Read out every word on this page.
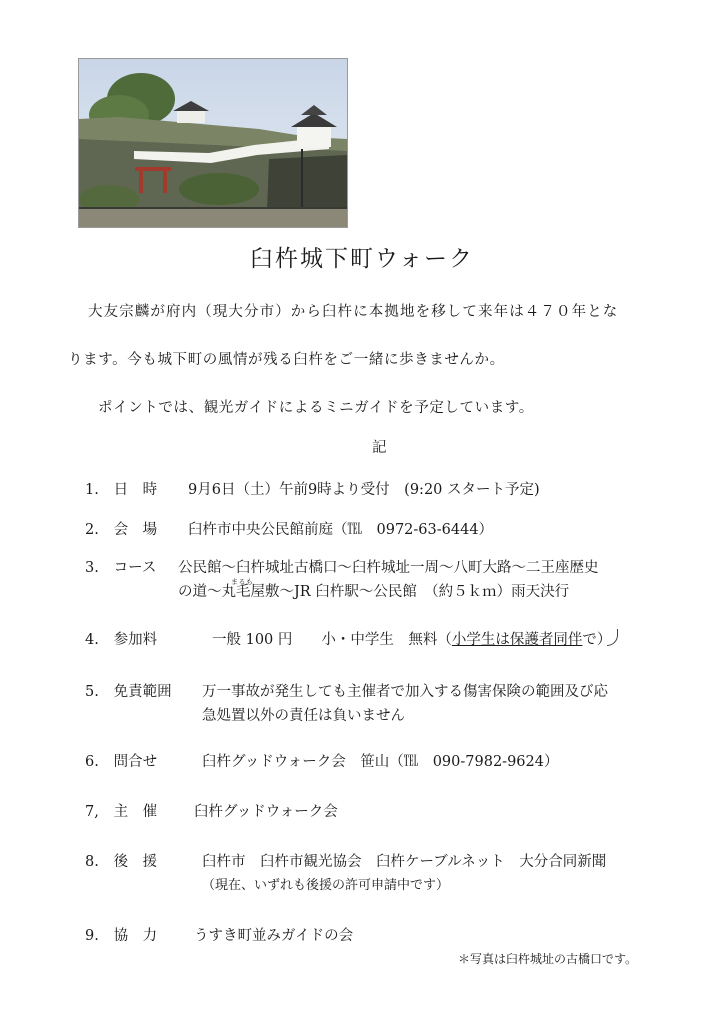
臼杵城下町ウォーク
大友宗麟が府内（現大分市）から臼杵に本拠地を移して来年は４７０年とな
ります。今も城下町の風情が残る臼杵をご一緒に歩きませんか。
ポイントでは、観光ガイドによるミニガイドを予定しています。
記
1. 日　時 9月6日（土）午前9時より受付　(9:20 スタート予定)
2. 会　場 臼杵市中央公民館前庭（℡　0972-63-6444）
3. コース 公民館～臼杵城址古橋口～臼杵城址一周～八町大路～二王座歴史
まるも
の道～丸毛屋敷～JR 臼杵駅～公民館　（約５ｋｍ）雨天決行
4. 参加料	一般 100 円　　小・中学生　無料（小学生は保護者同伴で）
5. 免責範囲 万一事故が発生しても主催者で加入する傷害保険の範囲及び応
急処置以外の責任は負いません
6. 問合せ	臼杵グッドウォーク会　笹山（℡　090-7982-9624）
7, 主　催	臼杵グッドウォーク会
8. 後　援	臼杵市　臼杵市観光協会　臼杵ケーブルネット　大分合同新聞
（現在、いずれも後援の許可申請中です）
9. 協　力	うすき町並みガイドの会
＊写真は臼杵城址の古橋口です。
